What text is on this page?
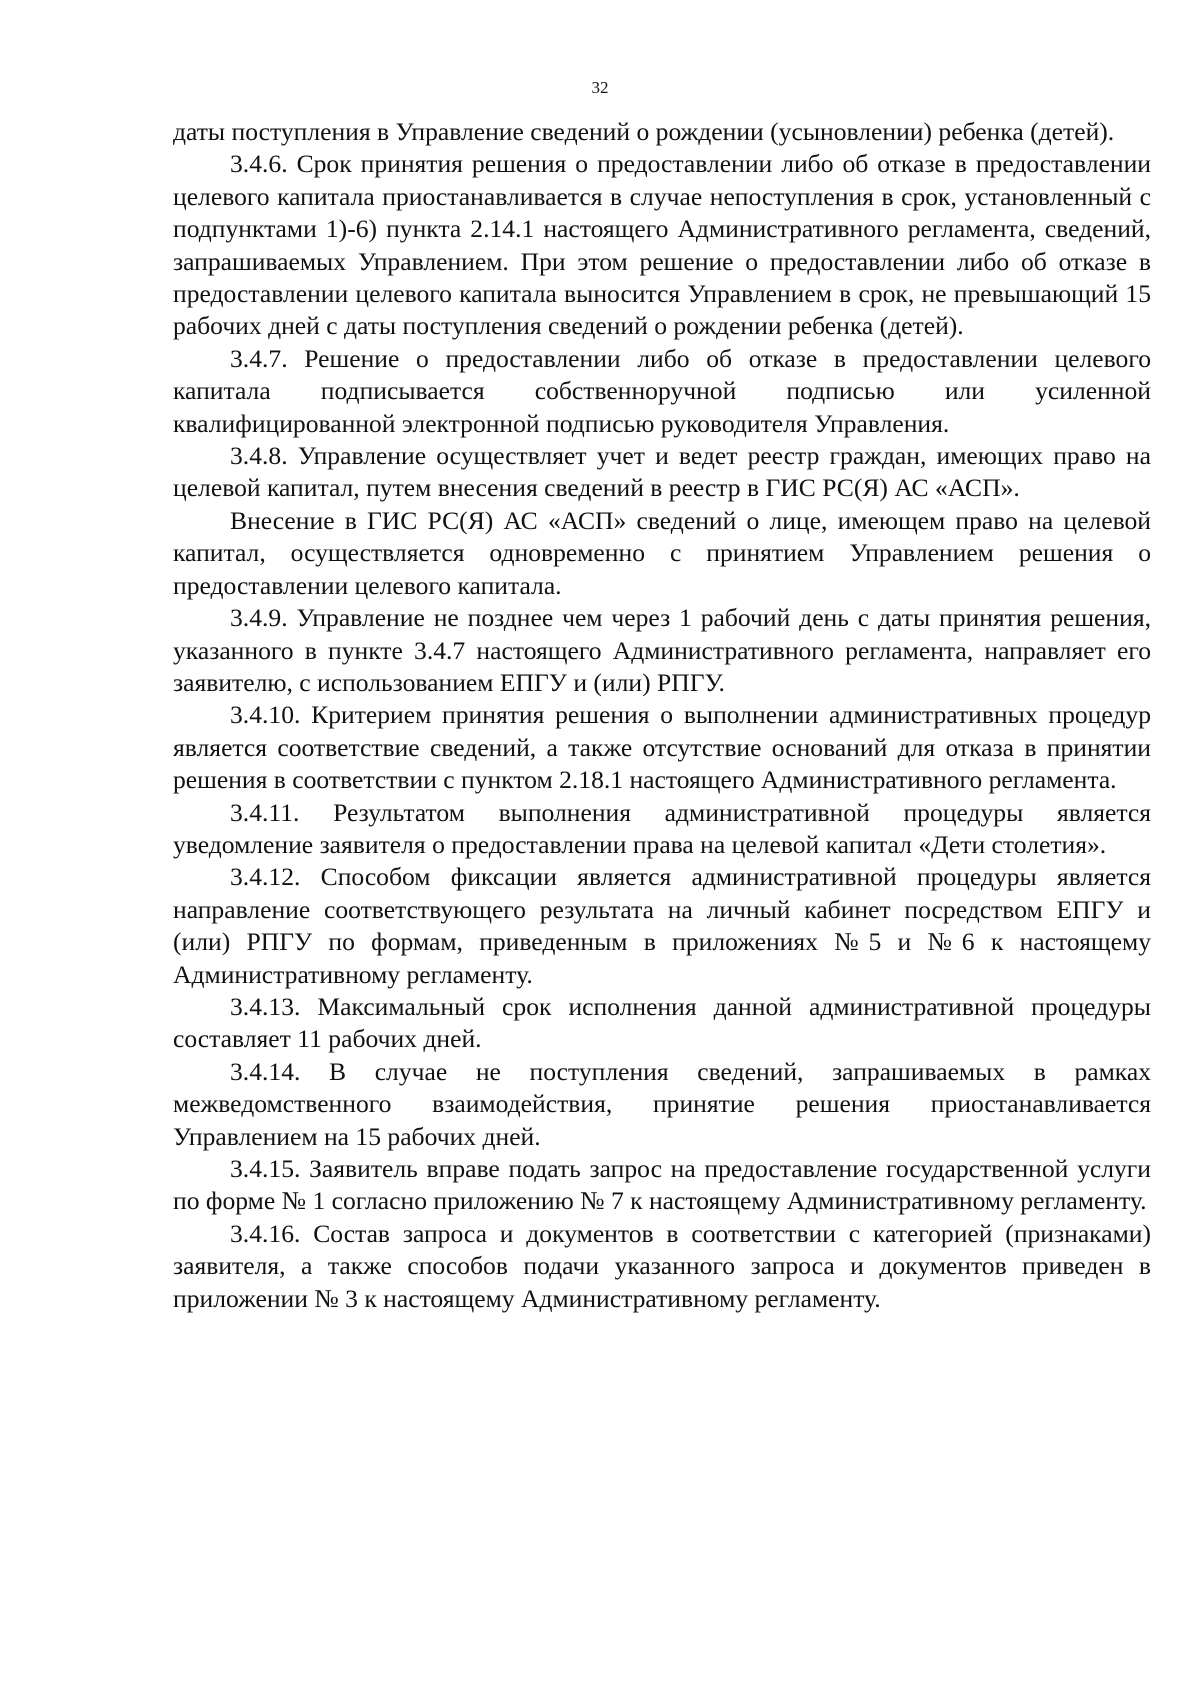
32

даты поступления в Управление сведений о рождении (усыновлении) ребенка (детей).

3.4.6. Срок принятия решения о предоставлении либо об отказе в предоставлении целевого капитала приостанавливается в случае непоступления в срок, установленный с подпунктами 1)-6) пункта 2.14.1 настоящего Административного регламента, сведений, запрашиваемых Управлением. При этом решение о предоставлении либо об отказе в предоставлении целевого капитала выносится Управлением в срок, не превышающий 15 рабочих дней с даты поступления сведений о рождении ребенка (детей).

3.4.7. Решение о предоставлении либо об отказе в предоставлении целевого капитала подписывается собственноручной подписью или усиленной квалифицированной электронной подписью руководителя Управления.

3.4.8. Управление осуществляет учет и ведет реестр граждан, имеющих право на целевой капитал, путем внесения сведений в реестр в ГИС РС(Я) АС «АСП».

Внесение в ГИС РС(Я) АС «АСП» сведений о лице, имеющем право на целевой капитал, осуществляется одновременно с принятием Управлением решения о предоставлении целевого капитала.

3.4.9. Управление не позднее чем через 1 рабочий день с даты принятия решения, указанного в пункте 3.4.7 настоящего Административного регламента, направляет его заявителю, с использованием ЕПГУ и (или) РПГУ.

3.4.10. Критерием принятия решения о выполнении административных процедур является соответствие сведений, а также отсутствие оснований для отказа в принятии решения в соответствии с пунктом 2.18.1 настоящего Административного регламента.

3.4.11. Результатом выполнения административной процедуры является уведомление заявителя о предоставлении права на целевой капитал «Дети столетия».

3.4.12. Способом фиксации является административной процедуры является направление соответствующего результата на личный кабинет посредством ЕПГУ и (или) РПГУ по формам, приведенным в приложениях №5 и №6 к настоящему Административному регламенту.

3.4.13. Максимальный срок исполнения данной административной процедуры составляет 11 рабочих дней.

3.4.14. В случае не поступления сведений, запрашиваемых в рамках межведомственного взаимодействия, принятие решения приостанавливается Управлением на 15 рабочих дней.

3.4.15. Заявитель вправе подать запрос на предоставление государственной услуги по форме № 1 согласно приложению № 7 к настоящему Административному регламенту.

3.4.16. Состав запроса и документов в соответствии с категорией (признаками) заявителя, а также способов подачи указанного запроса и документов приведен в приложении № 3 к настоящему Административному регламенту.
